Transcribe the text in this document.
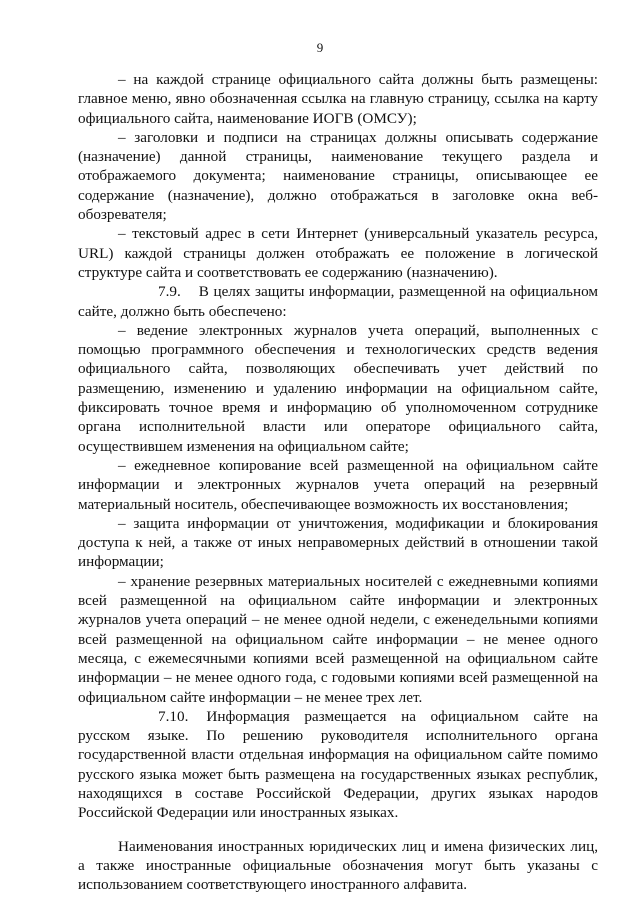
9

– на каждой странице официального сайта должны быть размещены: главное меню, явно обозначенная ссылка на главную страницу, ссылка на карту официального сайта, наименование ИОГВ (ОМСУ);

– заголовки и подписи на страницах должны описывать содержание (назначение) данной страницы, наименование текущего раздела и отображаемого документа; наименование страницы, описывающее ее содержание (назначение), должно отображаться в заголовке окна веб-обозревателя;

– текстовый адрес в сети Интернет (универсальный указатель ресурса, URL) каждой страницы должен отображать ее положение в логической структуре сайта и соответствовать ее содержанию (назначению).

7.9. В целях защиты информации, размещенной на официальном сайте, должно быть обеспечено:

– ведение электронных журналов учета операций, выполненных с помощью программного обеспечения и технологических средств ведения официального сайта, позволяющих обеспечивать учет действий по размещению, изменению и удалению информации на официальном сайте, фиксировать точное время и информацию об уполномоченном сотруднике органа исполнительной власти или операторе официального сайта, осуществившем изменения на официальном сайте;

– ежедневное копирование всей размещенной на официальном сайте информации и электронных журналов учета операций на резервный материальный носитель, обеспечивающее возможность их восстановления;

– защита информации от уничтожения, модификации и блокирования доступа к ней, а также от иных неправомерных действий в отношении такой информации;

– хранение резервных материальных носителей с ежедневными копиями всей размещенной на официальном сайте информации и электронных журналов учета операций – не менее одной недели, с еженедельными копиями всей размещенной на официальном сайте информации – не менее одного месяца, с ежемесячными копиями всей размещенной на официальном сайте информации – не менее одного года, с годовыми копиями всей размещенной на официальном сайте информации – не менее трех лет.

7.10. Информация размещается на официальном сайте на русском языке. По решению руководителя исполнительного органа государственной власти отдельная информация на официальном сайте помимо русского языка может быть размещена на государственных языках республик, находящихся в составе Российской Федерации, других языках народов Российской Федерации или иностранных языках.

Наименования иностранных юридических лиц и имена физических лиц, а также иностранные официальные обозначения могут быть указаны с использованием соответствующего иностранного алфавита.
